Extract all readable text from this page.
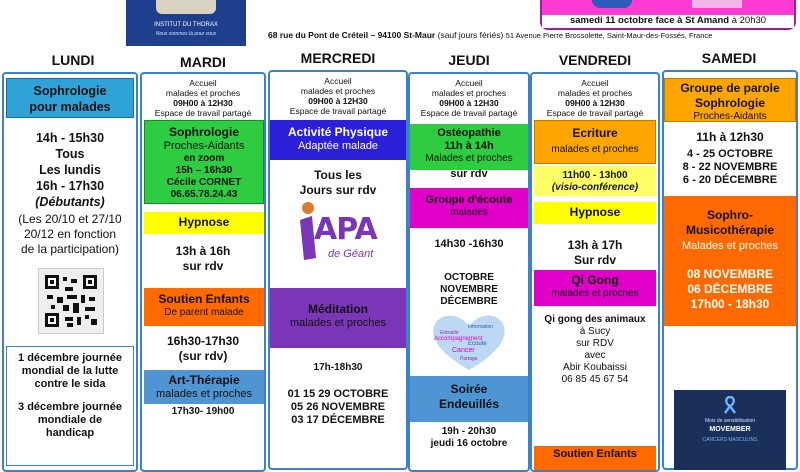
INSTITUT DU THORAX
Nous sommes là pour vous
samedi 11 octobre face à St Amand à 20h30
68 rue du Pont de Créteil – 94100 St-Maur (sauf jours fériés) 51 Avenue Pierre Brossolette, Saint-Maur-des-Fossés, France
LUNDI	MARDI	MERCREDI	JEUDI	VENDREDI	SAMEDI
Sophrologie
pour malades
14h - 15h30
Tous
Les lundis
16h - 17h30
(Débutants)
(Les 20/10 et 27/10
20/12 en fonction
de la participation)
1 décembre journée
mondial de la lutte
contre le sida
3 décembre journée
mondiale de
handicap
Accueil
malades et proches
09H00 à 12H30
Espace de travail partagé
Sophrologie
Proches-Aidants
en zoom
15h – 16h30
Cécile CORNET
06.65.78.24.43
Hypnose
13h à 16h
sur rdv
Soutien Enfants
De parent malade
16h30-17h30
(sur rdv)
Art-Thérapie
malades et proches
17h30- 19h00
Accueil
malades et proches
09H00 à 12H30
Espace de travail partagé
Activité Physique
Adaptée malade
Tous les
Jours sur rdv
APA
de Géant
Méditation
malades et proches
17h-18h30
01 15 29 OCTOBRE
05 26 NOVEMBRE
03 17 DÉCEMBRE
Accueil
malades et proches
09H00 à 12H30
Espace de travail partagé
Ostéopathie
11h à 14h
Malades et proches
sur rdv
Groupe d'écoute
malades
14h30 -16h30
OCTOBRE
NOVEMBRE
DÉCEMBRE
Information
Entraide
Accompagnement
Ecoute
Cancer
Partage
Soirée
Endeuillés
19h - 20h30
jeudi 16 octobre
Accueil
malades et proches
09H00 à 12H30
Espace de travail partagé
Ecriture
malades et proches
11h00 - 13h00
(visio-conférence)
Hypnose
13h à 17h
Sur rdv
Qi Gong
malades et proches
Qi gong des animaux
à Sucy
sur RDV
avec
Abir Koubaissi
06 85 45 67 54
Soutien Enfants
Groupe de parole
Sophrologie
Proches-Aidants
11h à 12h30
4 - 25 OCTOBRE
8 - 22 NOVEMBRE
6 - 20 DÉCEMBRE
Sophro-
Musicothérapie
Malades et proches
08 NOVEMBRE
06 DÉCEMBRE
17h00 - 18h30
Mois de sensibilisation
MOVEMBER
CANCERS MASCULINS
